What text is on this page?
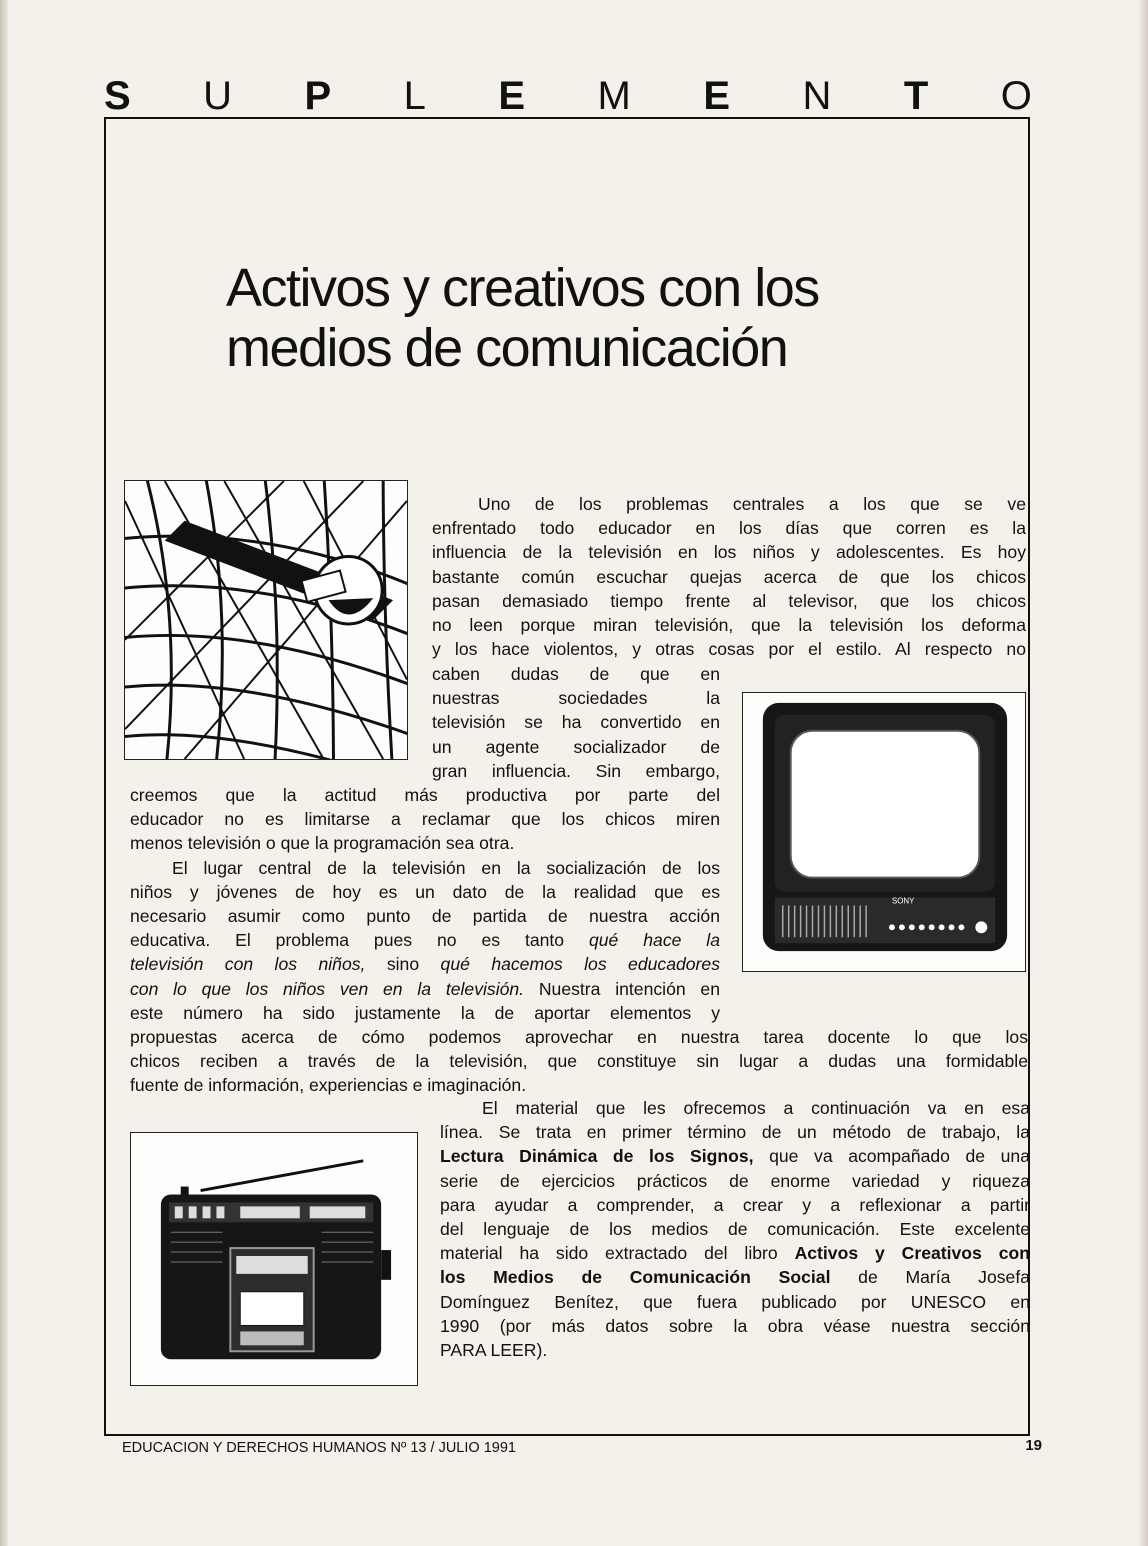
S U P L E M E N T O
Activos y creativos con los
medios de comunicación
SONY
Uno de los problemas centrales a los que se ve
enfrentado todo educador en los días que corren es la
influencia de la televisión en los niños y adolescentes. Es hoy
bastante común escuchar quejas acerca de que los chicos
pasan demasiado tiempo frente al televisor, que los chicos
no leen porque miran televisión, que la televisión los deforma
y los hace violentos, y otras cosas por el estilo. Al respecto no
caben dudas de que en
nuestras sociedades la
televisión se ha convertido en
un agente socializador de
gran influencia. Sin embargo,
creemos que la actitud más productiva por parte del
educador no es limitarse a reclamar que los chicos miren
menos televisión o que la programación sea otra.
El lugar central de la televisión en la socialización de los
niños y jóvenes de hoy es un dato de la realidad que es
necesario asumir como punto de partida de nuestra acción
educativa. El problema pues no es tanto qué hace la
televisión con los niños, sino qué hacemos los educadores
con lo que los niños ven en la televisión. Nuestra intención en
este número ha sido justamente la de aportar elementos y
propuestas acerca de cómo podemos aprovechar en nuestra tarea docente lo que los
chicos reciben a través de la televisión, que constituye sin lugar a dudas una formidable
fuente de información, experiencias e imaginación.
El material que les ofrecemos a continuación va en esa
línea. Se trata en primer término de un método de trabajo, la
Lectura Dinámica de los Signos, que va acompañado de una
serie de ejercicios prácticos de enorme variedad y riqueza
para ayudar a comprender, a crear y a reflexionar a partir
del lenguaje de los medios de comunicación. Este excelente
material ha sido extractado del libro Activos y Creativos con
los Medios de Comunicación Social de María Josefa
Domínguez Benítez, que fuera publicado por UNESCO en
1990 (por más datos sobre la obra véase nuestra sección
PARA LEER).
EDUCACION Y DERECHOS HUMANOS Nº 13 / JULIO 1991	19
